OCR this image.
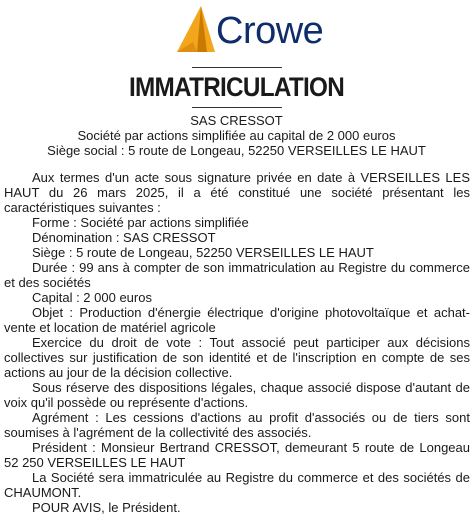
Crowe
IMMATRICULATION
SAS CRESSOT
Société par actions simplifiée au capital de 2 000 euros
Siège social : 5 route de Longeau, 52250 VERSEILLES LE HAUT

Aux termes d'un acte sous signature privée en date à VERSEILLES LES HAUT du 26 mars 2025, il a été constitué une société présentant les caractéristiques suivantes :

Forme : Société par actions simplifiée

Dénomination : SAS CRESSOT

Siège : 5 route de Longeau, 52250 VERSEILLES LE HAUT

Durée : 99 ans à compter de son immatriculation au Registre du commerce et des sociétés

Capital : 2 000 euros

Objet : Production d'énergie électrique d'origine photovoltaïque et achat-vente et location de matériel agricole

Exercice du droit de vote : Tout associé peut participer aux décisions collectives sur justification de son identité et de l'inscription en compte de ses actions au jour de la décision collective.

Sous réserve des dispositions légales, chaque associé dispose d'autant de voix qu'il possède ou représente d'actions.

Agrément : Les cessions d'actions au profit d'associés ou de tiers sont soumises à l'agrément de la collectivité des associés.

Président : Monsieur Bertrand CRESSOT, demeurant 5 route de Longeau 52 250 VERSEILLES LE HAUT

La Société sera immatriculée au Registre du commerce et des sociétés de CHAUMONT.

POUR AVIS, le Président.
